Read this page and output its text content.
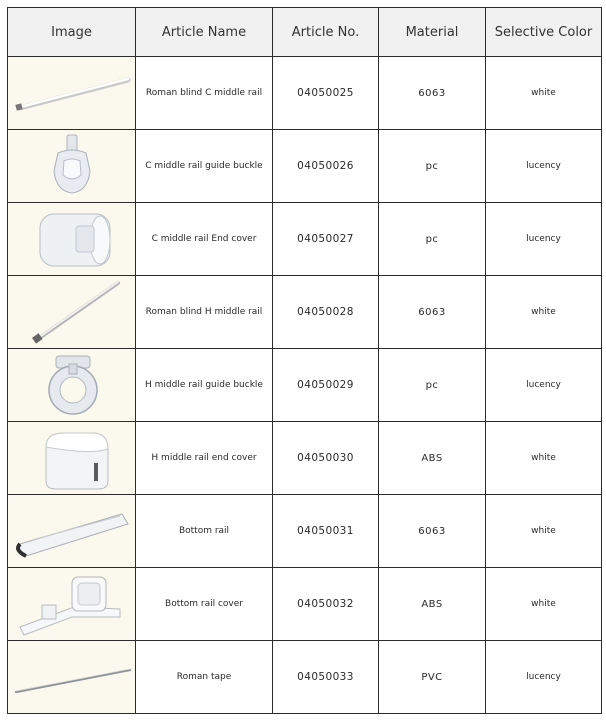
Image	Article Name	Article No.	Material	Selective Color

	Roman blind C middle rail	04050025	6063	white

	C middle rail guide buckle	04050026	pc	lucency

	C middle rail End cover	04050027	pc	lucency

	Roman blind H middle rail	04050028	6063	white

	H middle rail guide buckle	04050029	pc	lucency

	H middle rail end cover	04050030	ABS	white

	Bottom rail	04050031	6063	white

	Bottom rail cover	04050032	ABS	white

	Roman tape	04050033	PVC	lucency
